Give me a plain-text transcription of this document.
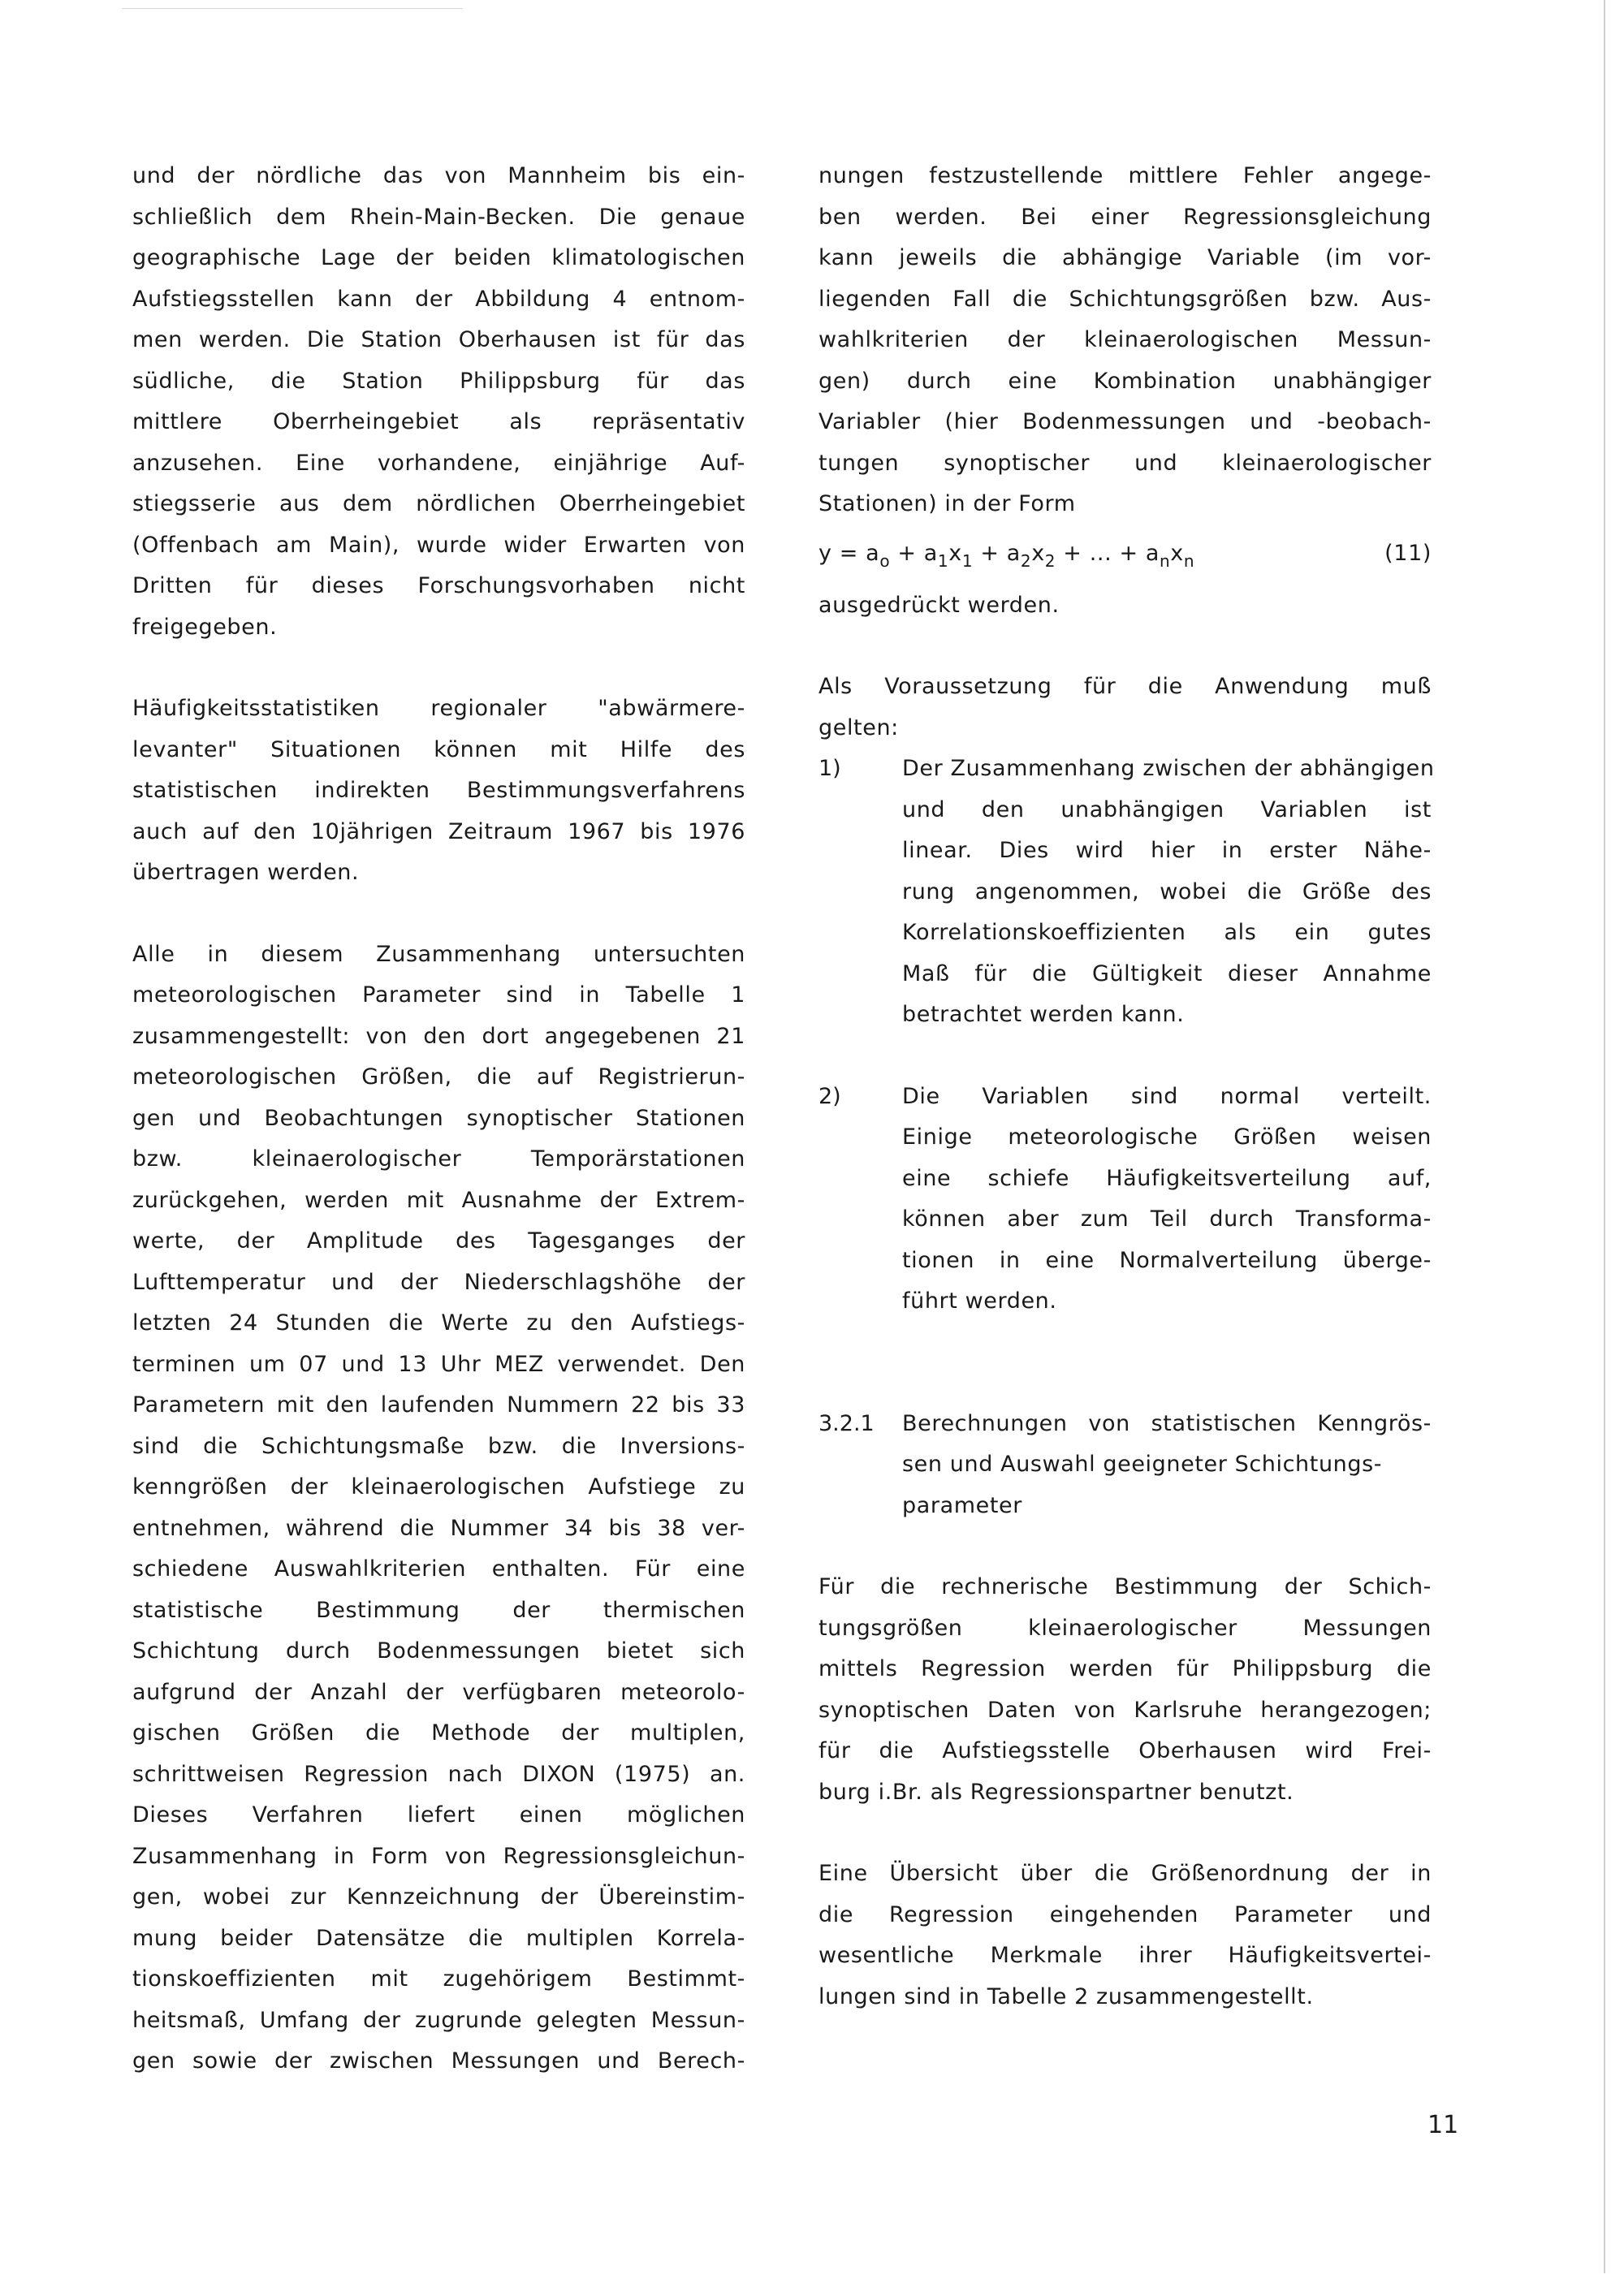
und der nördliche das von Mannheim bis ein-
schließlich dem Rhein-Main-Becken. Die genaue
geographische Lage der beiden klimatologischen
Aufstiegsstellen kann der Abbildung 4 entnom-
men werden. Die Station Oberhausen ist für das
südliche, die Station Philippsburg für das
mittlere Oberrheingebiet als repräsentativ
anzusehen. Eine vorhandene, einjährige Auf-
stiegsserie aus dem nördlichen Oberrheingebiet
(Offenbach am Main), wurde wider Erwarten von
Dritten für dieses Forschungsvorhaben nicht
freigegeben.
Häufigkeitsstatistiken regionaler "abwärmere-
levanter" Situationen können mit Hilfe des
statistischen indirekten Bestimmungsverfahrens
auch auf den 10jährigen Zeitraum 1967 bis 1976
übertragen werden.
Alle in diesem Zusammenhang untersuchten
meteorologischen Parameter sind in Tabelle 1
zusammengestellt: von den dort angegebenen 21
meteorologischen Größen, die auf Registrierun-
gen und Beobachtungen synoptischer Stationen
bzw. kleinaerologischer Temporärstationen
zurückgehen, werden mit Ausnahme der Extrem-
werte, der Amplitude des Tagesganges der
Lufttemperatur und der Niederschlagshöhe der
letzten 24 Stunden die Werte zu den Aufstiegs-
terminen um 07 und 13 Uhr MEZ verwendet. Den
Parametern mit den laufenden Nummern 22 bis 33
sind die Schichtungsmaße bzw. die Inversions-
kenngrößen der kleinaerologischen Aufstiege zu
entnehmen, während die Nummer 34 bis 38 ver-
schiedene Auswahlkriterien enthalten. Für eine
statistische Bestimmung der thermischen
Schichtung durch Bodenmessungen bietet sich
aufgrund der Anzahl der verfügbaren meteorolo-
gischen Größen die Methode der multiplen,
schrittweisen Regression nach DIXON (1975) an.
Dieses Verfahren liefert einen möglichen
Zusammenhang in Form von Regressionsgleichun-
gen, wobei zur Kennzeichnung der Übereinstim-
mung beider Datensätze die multiplen Korrela-
tionskoeffizienten mit zugehörigem Bestimmt-
heitsmaß, Umfang der zugrunde gelegten Messun-
gen sowie der zwischen Messungen und Berech-
nungen festzustellende mittlere Fehler angege-
ben werden. Bei einer Regressionsgleichung
kann jeweils die abhängige Variable (im vor-
liegenden Fall die Schichtungsgrößen bzw. Aus-
wahlkriterien der kleinaerologischen Messun-
gen) durch eine Kombination unabhängiger
Variabler (hier Bodenmessungen und -beobach-
tungen synoptischer und kleinaerologischer
Stationen) in der Form
$y = a_o + a_1x_1 + a_2x_2$ + ... + $a_nx_n$	(11)
ausgedrückt werden.
Als Voraussetzung für die Anwendung muß
gelten:
1)	Der Zusammenhang zwischen der abhängigen
und den unabhängigen Variablen ist
linear. Dies wird hier in erster Nähe-
rung angenommen, wobei die Größe des
Korrelationskoeffizienten als ein gutes
Maß für die Gültigkeit dieser Annahme
betrachtet werden kann.
2)	Die Variablen sind normal verteilt.
Einige meteorologische Größen weisen
eine schiefe Häufigkeitsverteilung auf,
können aber zum Teil durch Transforma-
tionen in eine Normalverteilung überge-
führt werden.
3.2.1 Berechnungen von statistischen Kenngrös-
sen und Auswahl geeigneter Schichtungs-
parameter
Für die rechnerische Bestimmung der Schich-
tungsgrößen kleinaerologischer Messungen
mittels Regression werden für Philippsburg die
synoptischen Daten von Karlsruhe herangezogen;
für die Aufstiegsstelle Oberhausen wird Frei-
burg i.Br. als Regressionspartner benutzt.
Eine Übersicht über die Größenordnung der in
die Regression eingehenden Parameter und
wesentliche Merkmale ihrer Häufigkeitsvertei-
lungen sind in Tabelle 2 zusammengestellt.
11
